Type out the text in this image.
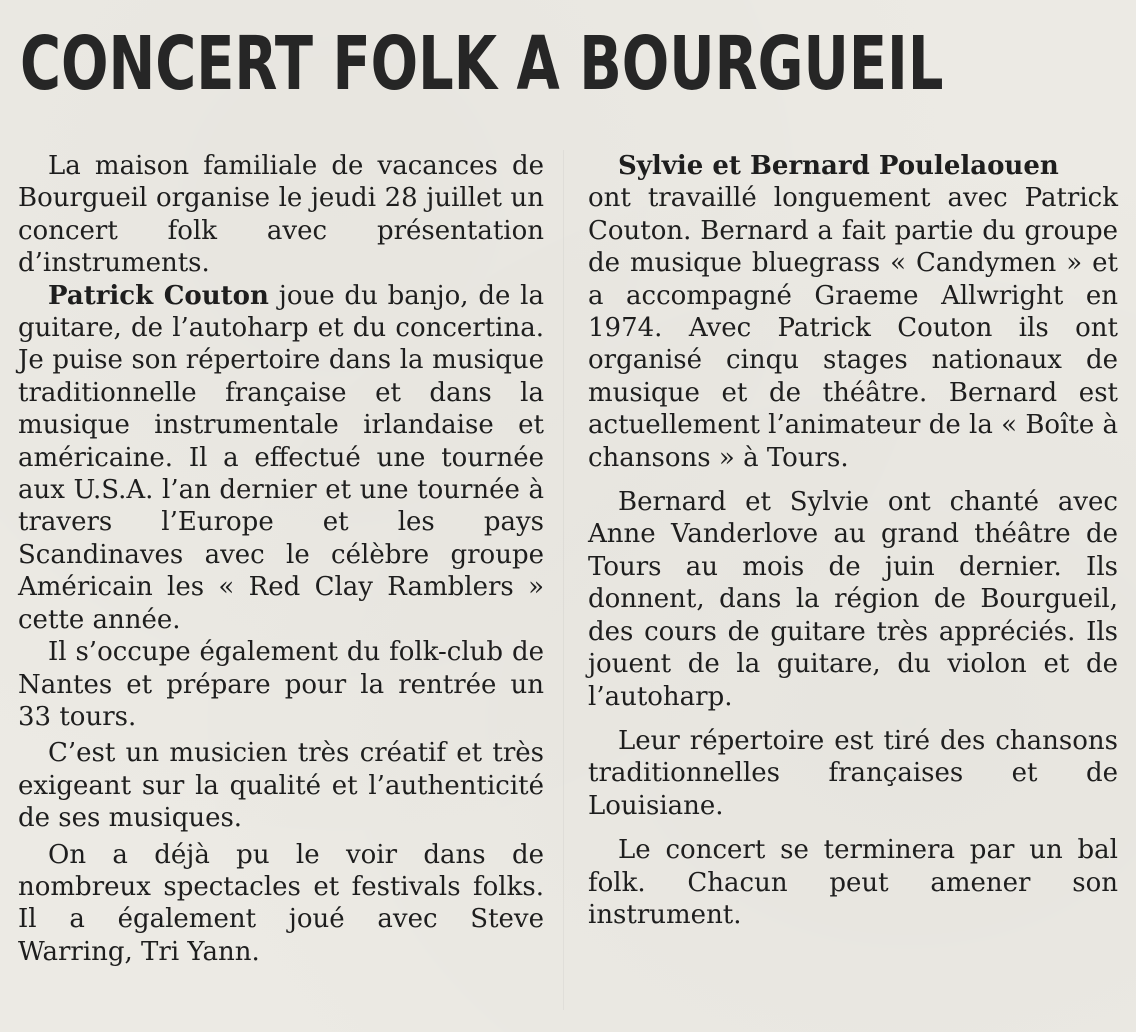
CONCERT FOLK A BOURGUEIL

La maison familiale de vacances de Bourgueil organise le jeudi 28 juillet un concert folk avec présentation d’instruments.

Patrick Couton joue du banjo, de la guitare, de l’autoharp et du concertina. Je puise son répertoire dans la musique traditionnelle française et dans la musique instrumentale irlandaise et américaine. Il a effectué une tournée aux U.S.A. l’an dernier et une tournée à travers l’Europe et les pays Scandinaves avec le célèbre groupe Américain les « Red Clay Ramblers » cette année.

Il s’occupe également du folk-club de Nantes et prépare pour la rentrée un 33 tours.

C’est un musicien très créatif et très exigeant sur la qualité et l’authenticité de ses musiques.

On a déjà pu le voir dans de nombreux spectacles et festivals folks. Il a également joué avec Steve Warring, Tri Yann.

Sylvie et Bernard Poulelaouen
ont travaillé longuement avec Patrick Couton. Bernard a fait partie du groupe de musique bluegrass « Candymen » et a accompagné Graeme Allwright en 1974. Avec Patrick Couton ils ont organisé cinqu stages nationaux de musique et de théâtre. Bernard est actuellement l’animateur de la « Boîte à chansons » à Tours.

Bernard et Sylvie ont chanté avec Anne Vanderlove au grand théâtre de Tours au mois de juin dernier. Ils donnent, dans la région de Bourgueil, des cours de guitare très appréciés. Ils jouent de la guitare, du violon et de l’autoharp.

Leur répertoire est tiré des chansons traditionnelles françaises et de Louisiane.

Le concert se terminera par un bal folk. Chacun peut amener son instrument.
